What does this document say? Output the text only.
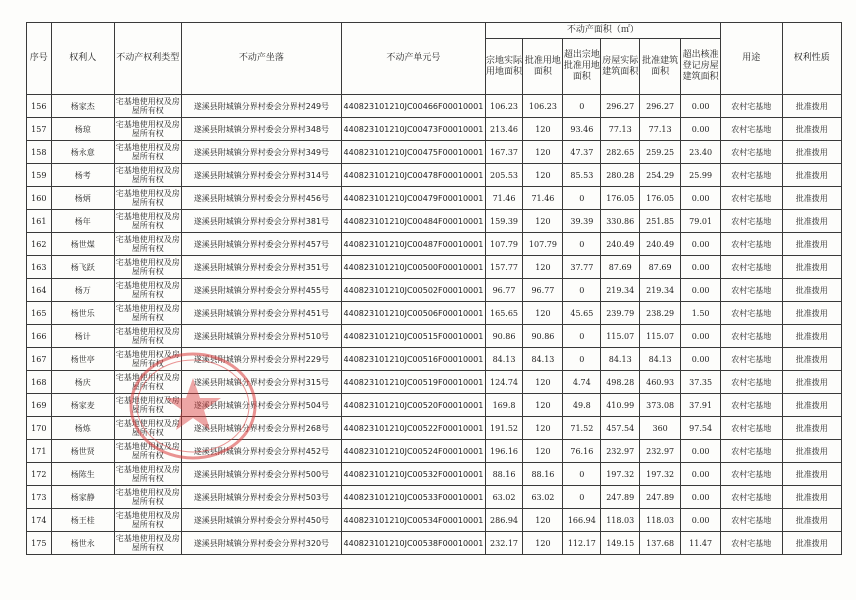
序号	权利人	不动产权利类型	不动产坐落	不动产单元号	不动产面积（㎡）						用途	权利性质
					宗地实际用地面积	批准用地面积	超出宗地批准用地面积	房屋实际建筑面积	批准建筑面积	超出核准登记房屋建筑面积		
156	杨家杰	宅基地使用权及房屋所有权	遂溪县附城镇分界村委会分界村249号	440823101210JC00466F00010001	106.23	106.23	0	296.27	296.27	0.00	农村宅基地	批准拨用
157	杨琼	宅基地使用权及房屋所有权	遂溪县附城镇分界村委会分界村348号	440823101210JC00473F00010001	213.46	120	93.46	77.13	77.13	0.00	农村宅基地	批准拨用
158	杨永意	宅基地使用权及房屋所有权	遂溪县附城镇分界村委会分界村349号	440823101210JC00475F00010001	167.37	120	47.37	282.65	259.25	23.40	农村宅基地	批准拨用
159	杨考	宅基地使用权及房屋所有权	遂溪县附城镇分界村委会分界村314号	440823101210JC00478F00010001	205.53	120	85.53	280.28	254.29	25.99	农村宅基地	批准拨用
160	杨炳	宅基地使用权及房屋所有权	遂溪县附城镇分界村委会分界村456号	440823101210JC00479F00010001	71.46	71.46	0	176.05	176.05	0.00	农村宅基地	批准拨用
161	杨年	宅基地使用权及房屋所有权	遂溪县附城镇分界村委会分界村381号	440823101210JC00484F00010001	159.39	120	39.39	330.86	251.85	79.01	农村宅基地	批准拨用
162	杨世煤	宅基地使用权及房屋所有权	遂溪县附城镇分界村委会分界村457号	440823101210JC00487F00010001	107.79	107.79	0	240.49	240.49	0.00	农村宅基地	批准拨用
163	杨飞跃	宅基地使用权及房屋所有权	遂溪县附城镇分界村委会分界村351号	440823101210JC00500F00010001	157.77	120	37.77	87.69	87.69	0.00	农村宅基地	批准拨用
164	杨万	宅基地使用权及房屋所有权	遂溪县附城镇分界村委会分界村455号	440823101210JC00502F00010001	96.77	96.77	0	219.34	219.34	0.00	农村宅基地	批准拨用
165	杨世乐	宅基地使用权及房屋所有权	遂溪县附城镇分界村委会分界村451号	440823101210JC00506F00010001	165.65	120	45.65	239.79	238.29	1.50	农村宅基地	批准拨用
166	杨计	宅基地使用权及房屋所有权	遂溪县附城镇分界村委会分界村510号	440823101210JC00515F00010001	90.86	90.86	0	115.07	115.07	0.00	农村宅基地	批准拨用
167	杨世亭	宅基地使用权及房屋所有权	遂溪县附城镇分界村委会分界村229号	440823101210JC00516F00010001	84.13	84.13	0	84.13	84.13	0.00	农村宅基地	批准拨用
168	杨庆	宅基地使用权及房屋所有权	遂溪县附城镇分界村委会分界村315号	440823101210JC00519F00010001	124.74	120	4.74	498.28	460.93	37.35	农村宅基地	批准拨用
169	杨家麦	宅基地使用权及房屋所有权	遂溪县附城镇分界村委会分界村504号	440823101210JC00520F00010001	169.8	120	49.8	410.99	373.08	37.91	农村宅基地	批准拨用
170	杨炼	宅基地使用权及房屋所有权	遂溪县附城镇分界村委会分界村268号	440823101210JC00522F00010001	191.52	120	71.52	457.54	360	97.54	农村宅基地	批准拨用
171	杨世贤	宅基地使用权及房屋所有权	遂溪县附城镇分界村委会分界村452号	440823101210JC00524F00010001	196.16	120	76.16	232.97	232.97	0.00	农村宅基地	批准拨用
172	杨陈生	宅基地使用权及房屋所有权	遂溪县附城镇分界村委会分界村500号	440823101210JC00532F00010001	88.16	88.16	0	197.32	197.32	0.00	农村宅基地	批准拨用
173	杨家静	宅基地使用权及房屋所有权	遂溪县附城镇分界村委会分界村503号	440823101210JC00533F00010001	63.02	63.02	0	247.89	247.89	0.00	农村宅基地	批准拨用
174	杨王桂	宅基地使用权及房屋所有权	遂溪县附城镇分界村委会分界村450号	440823101210JC00534F00010001	286.94	120	166.94	118.03	118.03	0.00	农村宅基地	批准拨用
175	杨世永	宅基地使用权及房屋所有权	遂溪县附城镇分界村委会分界村320号	440823101210JC00538F00010001	232.17	120	112.17	149.15	137.68	11.47	农村宅基地	批准拨用
